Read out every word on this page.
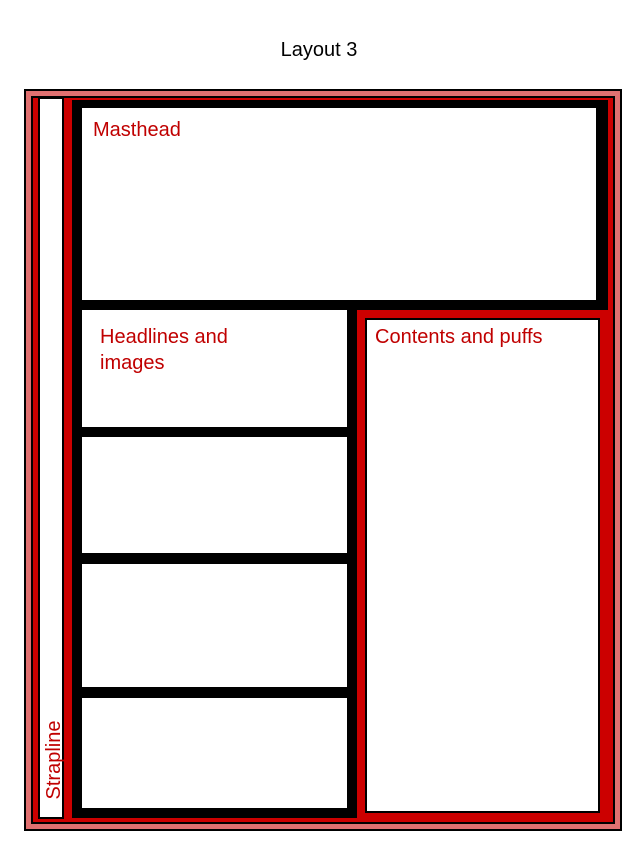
Layout 3
Strapline
Masthead
Headlines and
images
Contents and puffs
